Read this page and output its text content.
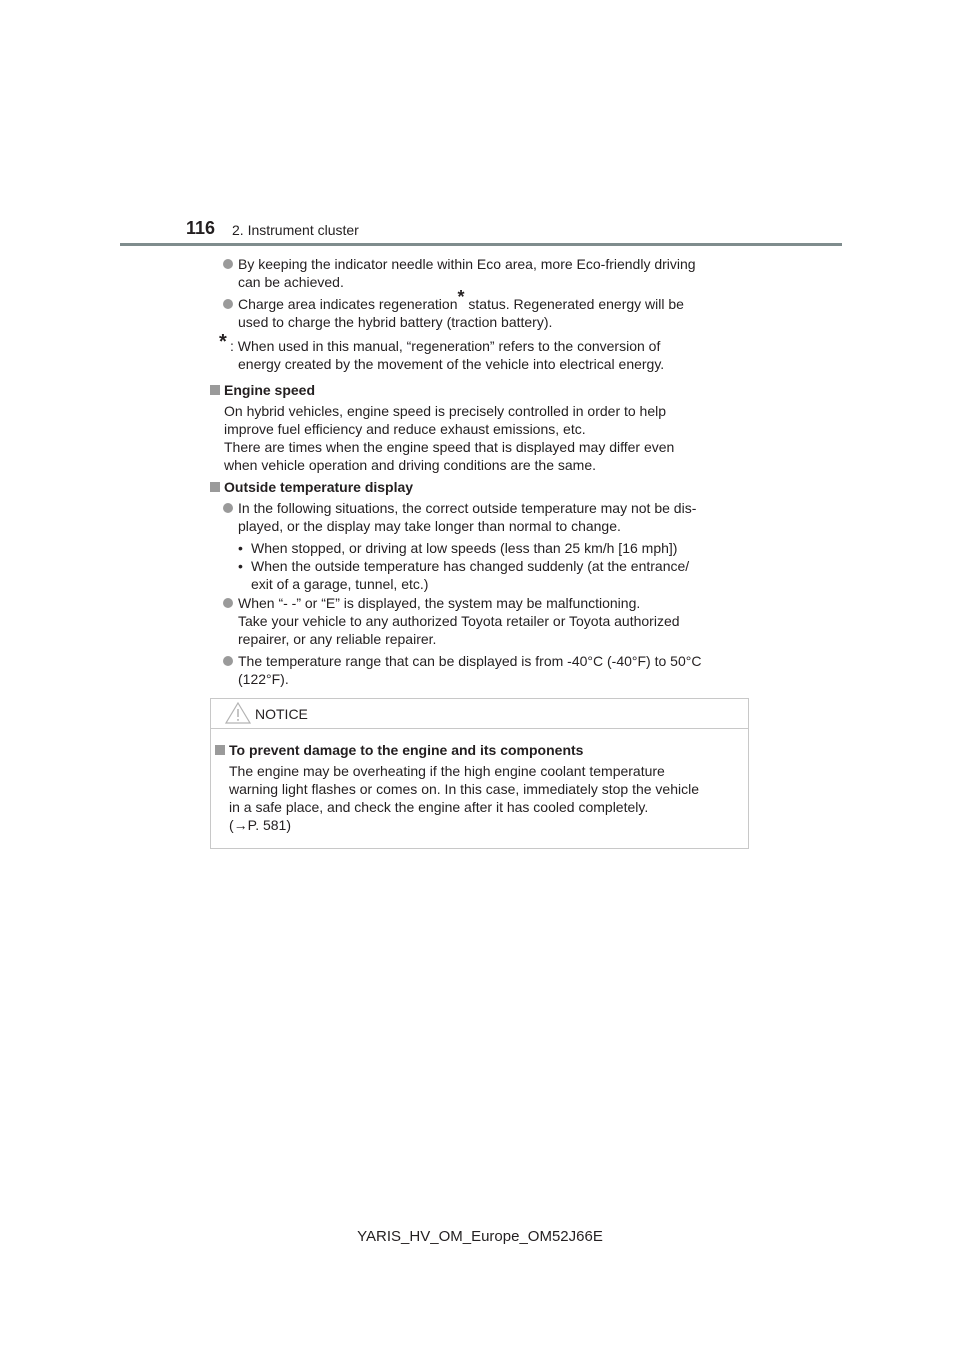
116 2. Instrument cluster
By keeping the indicator needle within Eco area, more Eco-friendly driving
can be achieved.
Charge area indicates regeneration* status. Regenerated energy will be
used to charge the hybrid battery (traction battery).
* : When used in this manual, “regeneration” refers to the conversion of
energy created by the movement of the vehicle into electrical energy.
Engine speed
On hybrid vehicles, engine speed is precisely controlled in order to help
improve fuel efficiency and reduce exhaust emissions, etc.
There are times when the engine speed that is displayed may differ even
when vehicle operation and driving conditions are the same.
Outside temperature display
In the following situations, the correct outside temperature may not be dis-
played, or the display may take longer than normal to change.
• When stopped, or driving at low speeds (less than 25 km/h [16 mph])
• When the outside temperature has changed suddenly (at the entrance/
exit of a garage, tunnel, etc.)
When “- -” or “E” is displayed, the system may be malfunctioning.
Take your vehicle to any authorized Toyota retailer or Toyota authorized
repairer, or any reliable repairer.
The temperature range that can be displayed is from -40°C (-40°F) to 50°C
(122°F).
NOTICE
To prevent damage to the engine and its components
The engine may be overheating if the high engine coolant temperature
warning light flashes or comes on. In this case, immediately stop the vehicle
in a safe place, and check the engine after it has cooled completely.
(→P. 581)
YARIS_HV_OM_Europe_OM52J66E
